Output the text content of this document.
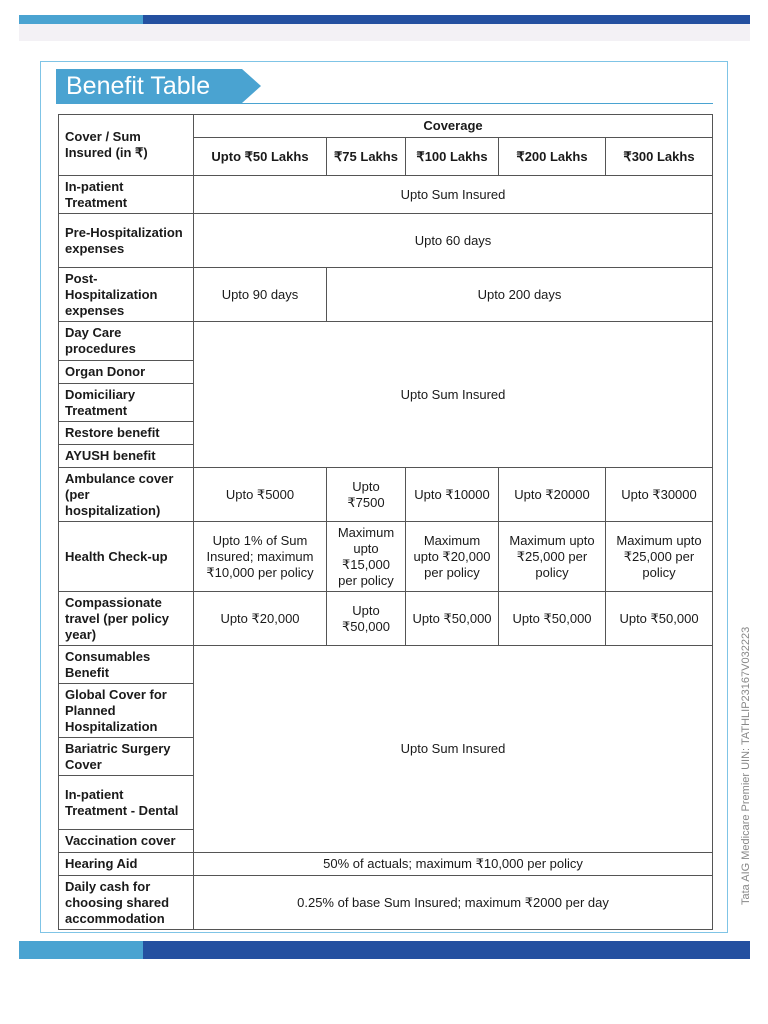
Benefit Table
Tata AIG Medicare Premier UIN: TATHLIP23167V032223
Cover / Sum Insured (in ₹)	Coverage				
	Upto ₹50 Lakhs	₹75 Lakhs	₹100 Lakhs	₹200 Lakhs	₹300 Lakhs
In-patient Treatment	Upto Sum Insured				
Pre-Hospitalization expenses	Upto 60 days				
Post-Hospitalization expenses	Upto 90 days	Upto 200 days			
Day Care procedures	Upto Sum Insured				
Organ Donor					
Domiciliary Treatment					
Restore benefit					
AYUSH benefit					
Ambulance cover (per hospitalization)	Upto ₹5000	Upto ₹7500	Upto ₹10000	Upto ₹20000	Upto ₹30000
Health Check-up	Upto 1% of Sum Insured; maximum ₹10,000 per policy	Maximum upto ₹15,000 per policy	Maximum upto ₹20,000 per policy	Maximum upto ₹25,000 per policy	Maximum upto ₹25,000 per policy
Compassionate travel (per policy year)	Upto ₹20,000	Upto ₹50,000	Upto ₹50,000	Upto ₹50,000	Upto ₹50,000
Consumables Benefit	Upto Sum Insured				
Global Cover for Planned Hospitalization					
Bariatric Surgery Cover					
In-patient Treatment - Dental					
Vaccination cover					
Hearing Aid	50% of actuals; maximum ₹10,000 per policy				
Daily cash for choosing shared accommodation	0.25% of base Sum Insured; maximum ₹2000 per day				
